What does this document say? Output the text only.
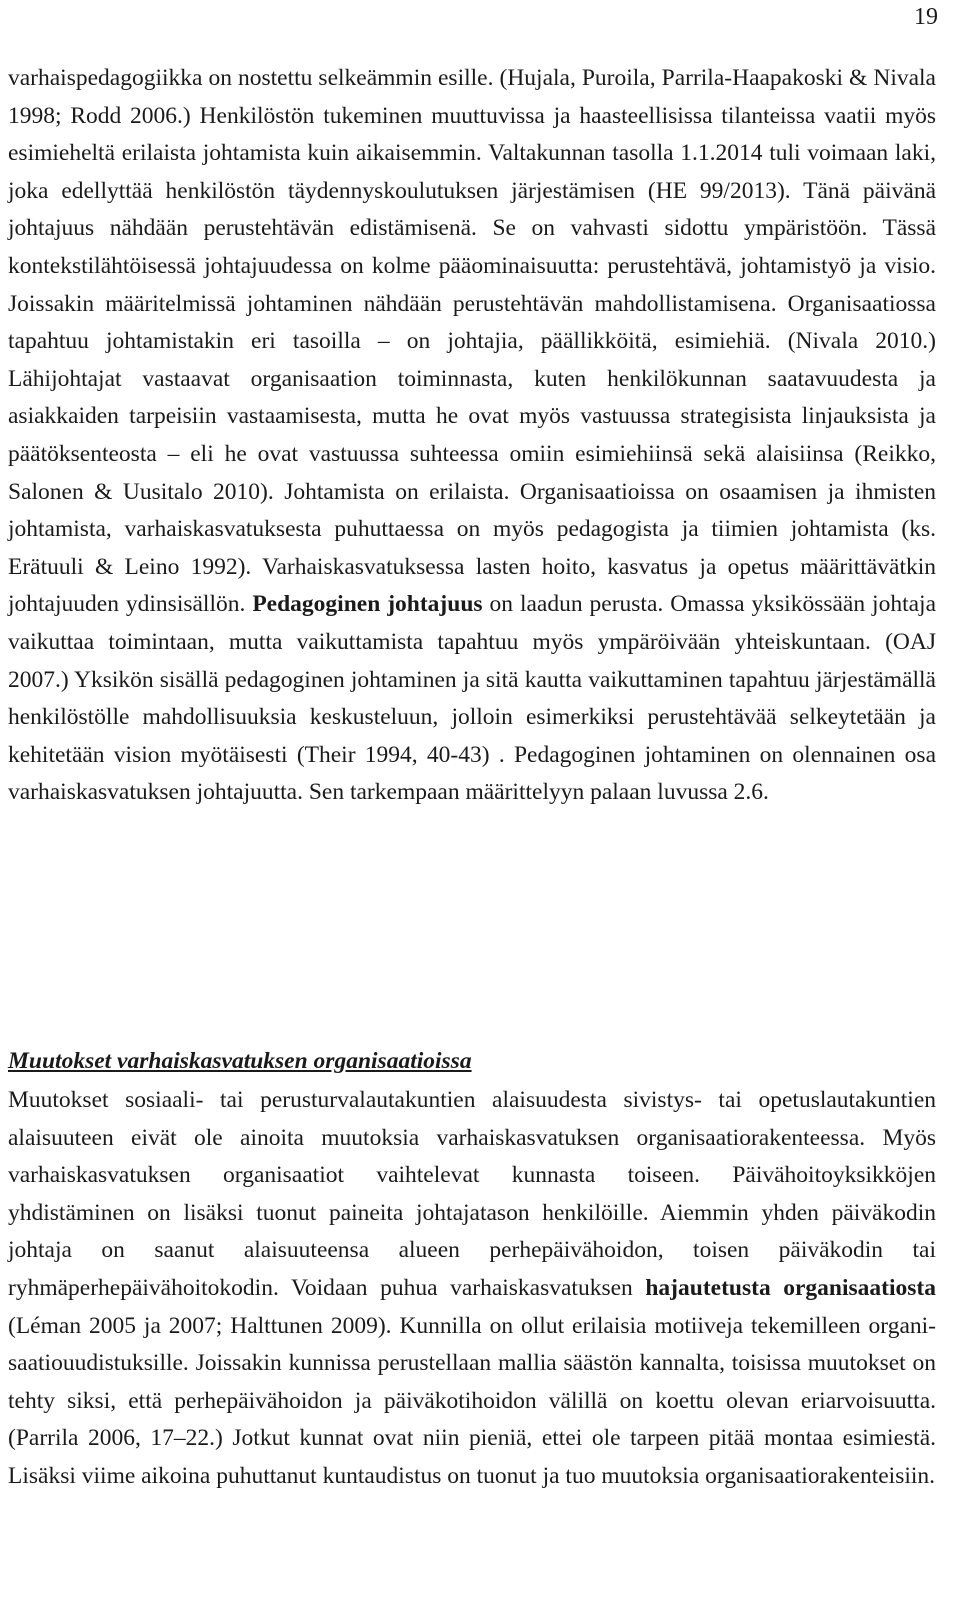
19

varhaispedagogiikka on nostettu selkeämmin esille. (Hujala, Puroila, Parrila-Haapakoski & Nivala 1998; Rodd 2006.) Henkilöstön tukeminen muuttuvissa ja haasteellisissa tilanteissa vaatii myös esimieheltä erilaista johtamista kuin aikaisemmin. Valtakunnan tasolla 1.1.2014 tuli voimaan laki, joka edellyttää henkilöstön täydennyskoulutuksen järjestämisen (HE 99/2013). Tänä päivänä johtajuus nähdään perustehtävän edistämisenä. Se on vahvasti sidottu ympäristöön. Tässä kontekstilähtöisessä johtajuudessa on kolme pääominaisuutta: perustehtävä, johtamistyö ja visio. Joissakin määritelmissä johtaminen nähdään perustehtävän mahdollistamisena. Organisaatiossa tapahtuu johtamistakin eri tasoilla – on johtajia, päällikköitä, esimiehiä. (Nivala 2010.) Lähijohtajat vastaavat organisaation toiminnasta, kuten henkilökunnan saatavuudesta ja asiakkaiden tarpeisiin vastaamisesta, mutta he ovat myös vastuussa strategisista linjauksista ja päätöksenteosta – eli he ovat vastuussa suhteessa omiin esimiehiinsä sekä alaisiinsa (Reikko, Salonen & Uusitalo 2010). Johtamista on erilaista. Organisaatioissa on osaamisen ja ihmisten johtamista, varhaiskasvatuksesta puhuttaessa on myös pedagogista ja tiimien johtamista (ks. Erätuuli & Leino 1992). Varhaiskasvatuksessa lasten hoito, kasvatus ja opetus määrittävätkin johtajuuden ydinsisällön. Pedagoginen johtajuus on laadun perusta. Omassa yksikössään johtaja vaikuttaa toimintaan, mutta vaikuttamista tapahtuu myös ympäröivään yhteiskuntaan. (OAJ 2007.) Yksikön sisällä pedagoginen johtaminen ja sitä kautta vaikuttaminen tapahtuu järjestämällä henkilöstölle mahdollisuuksia keskusteluun, jolloin esimerkiksi perustehtävää selkeytetään ja kehitetään vision myötäisesti (Their 1994, 40-43) . Pedagoginen johtaminen on olennainen osa varhaiskasvatuksen johtajuutta. Sen tarkempaan määrittelyyn palaan luvussa 2.6.

Muutokset varhaiskasvatuksen organisaatioissa

Muutokset sosiaali- tai perusturvalautakuntien alaisuudesta sivistys- tai opetuslautakuntien alaisuuteen eivät ole ainoita muutoksia varhaiskasvatuksen organisaatiorakenteessa. Myös varhaiskasvatuksen organisaatiot vaihtelevat kunnasta toiseen. Päivähoitoyksikköjen yhdistäminen on lisäksi tuonut paineita johtajatason henkilöille. Aiemmin yhden päiväkodin johtaja on saanut alaisuuteensa alueen perhepäivähoidon, toisen päiväkodin tai ryhmäperhepäivähoitokodin. Voidaan puhua varhaiskasvatuksen hajautetusta organisaatiosta (Léman 2005 ja 2007; Halttunen 2009). Kunnilla on ollut erilaisia motiiveja tekemilleen organisaatiouudistuksille. Joissakin kunnissa perustellaan mallia säästön kannalta, toisissa muutokset on tehty siksi, että perhepäivähoidon ja päiväkotihoidon välillä on koettu olevan eriarvoisuutta. (Parrila 2006, 17–22.) Jotkut kunnat ovat niin pieniä, ettei ole tarpeen pitää montaa esimiestä. Lisäksi viime aikoina puhuttanut kuntaudistus on tuonut ja tuo muutoksia organisaatiorakenteisiin.
